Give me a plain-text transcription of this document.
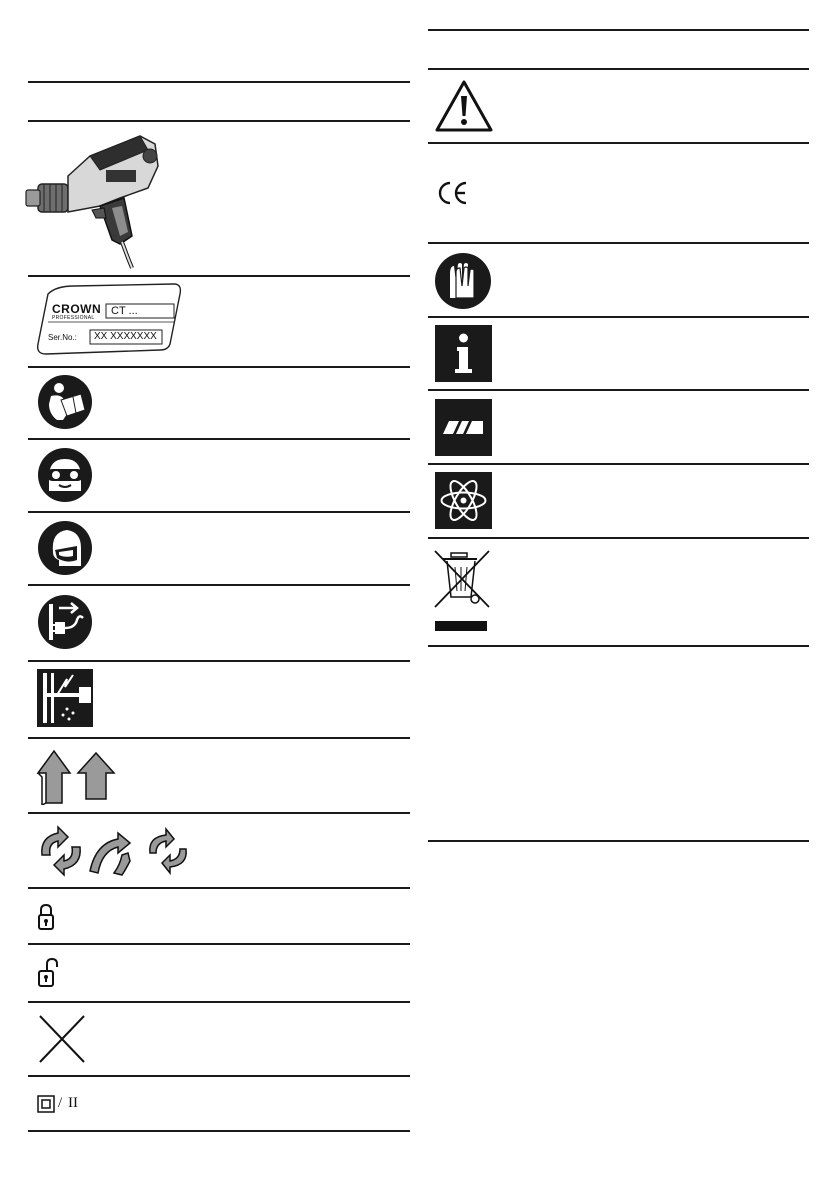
CROWN
PROFESSIONAL
CT ...
Ser.No.: XX XXXXXXX
/ II
